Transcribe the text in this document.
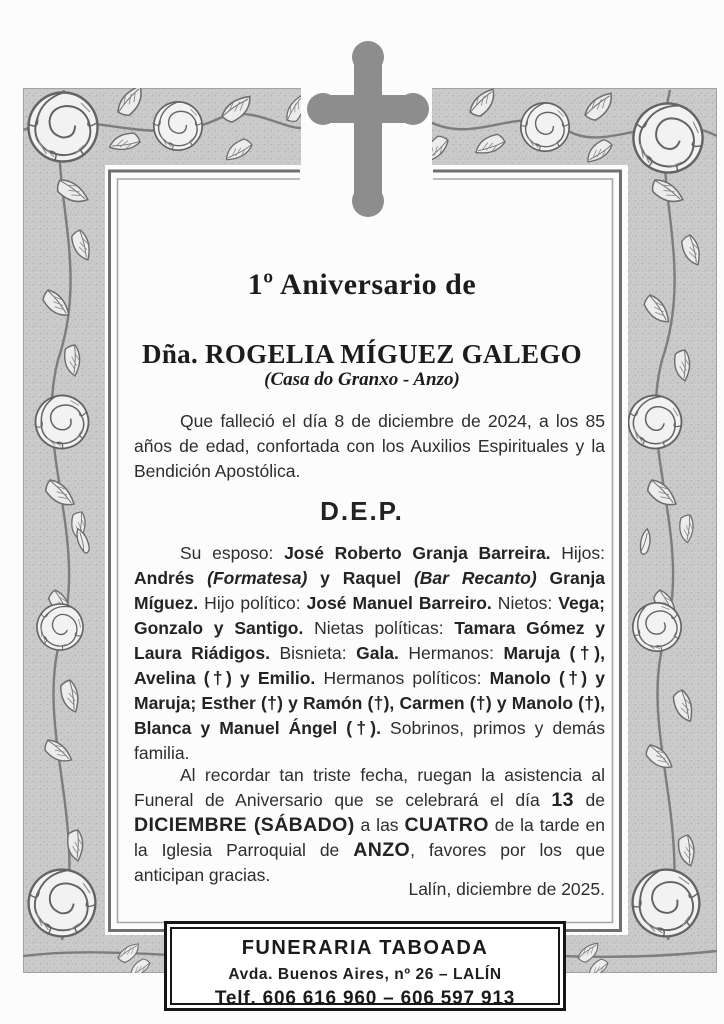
1º Aniversario de
Dña. ROGELIA MÍGUEZ GALEGO
(Casa do Granxo - Anzo)

Que falleció el día 8 de diciembre de 2024, a los 85 años de edad, confortada con los Auxilios Espirituales y la Bendición Apostólica.

D.E.P.

Su esposo: José Roberto Granja Barreira. Hijos: Andrés (Formatesa) y Raquel (Bar Recanto) Granja Míguez. Hijo político: José Manuel Barreiro. Nietos: Vega; Gonzalo y Santigo. Nietas políticas: Tamara Gómez y Laura Riádigos. Bisnieta: Gala. Hermanos: Maruja (†), Avelina (†) y Emilio. Hermanos políticos: Manolo (†) y Maruja; Esther (†) y Ramón (†), Carmen (†) y Manolo (†), Blanca y Manuel Ángel (†). Sobrinos, primos y demás familia.

Al recordar tan triste fecha, ruegan la asistencia al Funeral de Aniversario que se celebrará el día 13 de DICIEMBRE (SÁBADO) a las CUATRO de la tarde en la Iglesia Parroquial de ANZO, favores por los que anticipan gracias.

Lalín, diciembre de 2025.
FUNERARIA TABOADA
Avda. Buenos Aires, nº 26 – LALÍN
Telf. 606 616 960 – 606 597 913
